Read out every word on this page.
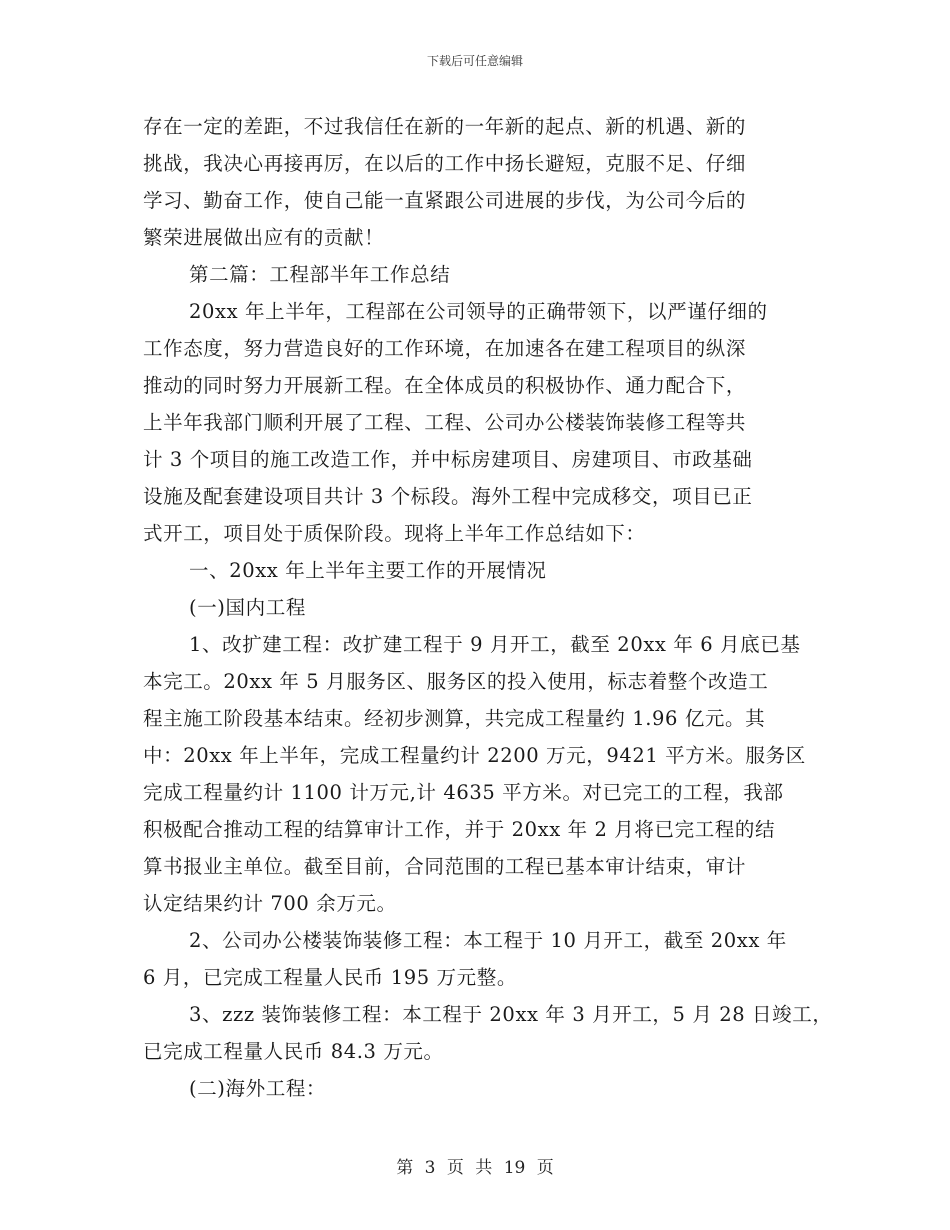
下载后可任意编辑
存在一定的差距，不过我信任在新的一年新的起点、新的机遇、新的
挑战，我决心再接再厉，在以后的工作中扬长避短，克服不足、仔细
学习、勤奋工作，使自己能一直紧跟公司进展的步伐，为公司今后的
繁荣进展做出应有的贡献！
第二篇：工程部半年工作总结
20xx 年上半年，工程部在公司领导的正确带领下，以严谨仔细的
工作态度，努力营造良好的工作环境，在加速各在建工程项目的纵深
推动的同时努力开展新工程。在全体成员的积极协作、通力配合下，
上半年我部门顺利开展了工程、工程、公司办公楼装饰装修工程等共
计 3 个项目的施工改造工作，并中标房建项目、房建项目、市政基础
设施及配套建设项目共计 3 个标段。海外工程中完成移交，项目已正
式开工，项目处于质保阶段。现将上半年工作总结如下：
一、20xx 年上半年主要工作的开展情况
(一)国内工程
1、改扩建工程：改扩建工程于 9 月开工，截至 20xx 年 6 月底已基
本完工。20xx 年 5 月服务区、服务区的投入使用，标志着整个改造工
程主施工阶段基本结束。经初步测算，共完成工程量约 1.96 亿元。其
中：20xx 年上半年，完成工程量约计 2200 万元，9421 平方米。服务区
完成工程量约计 1100 计万元,计 4635 平方米。对已完工的工程，我部
积极配合推动工程的结算审计工作，并于 20xx 年 2 月将已完工程的结
算书报业主单位。截至目前，合同范围的工程已基本审计结束，审计
认定结果约计 700 余万元。
2、公司办公楼装饰装修工程：本工程于 10 月开工，截至 20xx 年
6 月，已完成工程量人民币 195 万元整。
3、zzz 装饰装修工程：本工程于 20xx 年 3 月开工，5 月 28 日竣工，
已完成工程量人民币 84.3 万元。
(二)海外工程：
第 3 页 共 19 页
